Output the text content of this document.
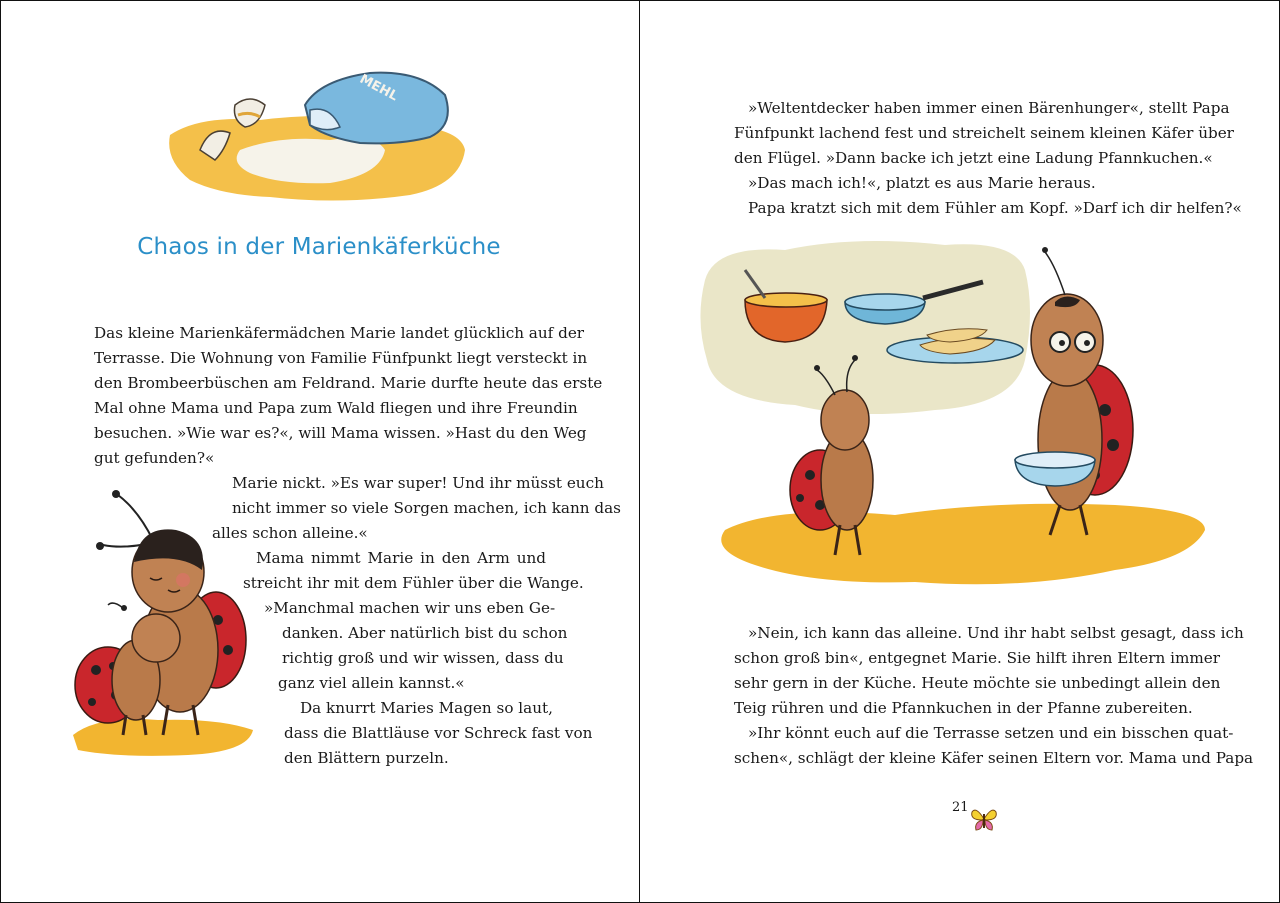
MEHL
Chaos in der Marienkäferküche
Das kleine Marienkäfermädchen Marie landet glücklich auf der
Terrasse. Die Wohnung von Familie Fünfpunkt liegt versteckt in
den Brombeerbüschen am Feldrand. Marie durfte heute das erste
Mal ohne Mama und Papa zum Wald fliegen und ihre Freundin
besuchen. »Wie war es?«, will Mama wissen. »Hast du den Weg
gut gefunden?«
Marie nickt. »Es war super! Und ihr müsst euch
nicht immer so viele Sorgen machen, ich kann das
alles schon alleine.«
Mama nimmt Marie in den Arm und
streicht ihr mit dem Fühler über die Wange.
»Manchmal machen wir uns eben Ge-
danken. Aber natürlich bist du schon
richtig groß und wir wissen, dass du
ganz viel allein kannst.«
Da knurrt Maries Magen so laut,
dass die Blattläuse vor Schreck fast von
den Blättern purzeln.
»Weltentdecker haben immer einen Bärenhunger«, stellt Papa
Fünfpunkt lachend fest und streichelt seinem kleinen Käfer über
den Flügel. »Dann backe ich jetzt eine Ladung Pfannkuchen.«
»Das mach ich!«, platzt es aus Marie heraus.
Papa kratzt sich mit dem Fühler am Kopf. »Darf ich dir helfen?«
»Nein, ich kann das alleine. Und ihr habt selbst gesagt, dass ich
schon groß bin«, entgegnet Marie. Sie hilft ihren Eltern immer
sehr gern in der Küche. Heute möchte sie unbedingt allein den
Teig rühren und die Pfannkuchen in der Pfanne zubereiten.
»Ihr könnt euch auf die Terrasse setzen und ein bisschen quat-
schen«, schlägt der kleine Käfer seinen Eltern vor. Mama und Papa
21
